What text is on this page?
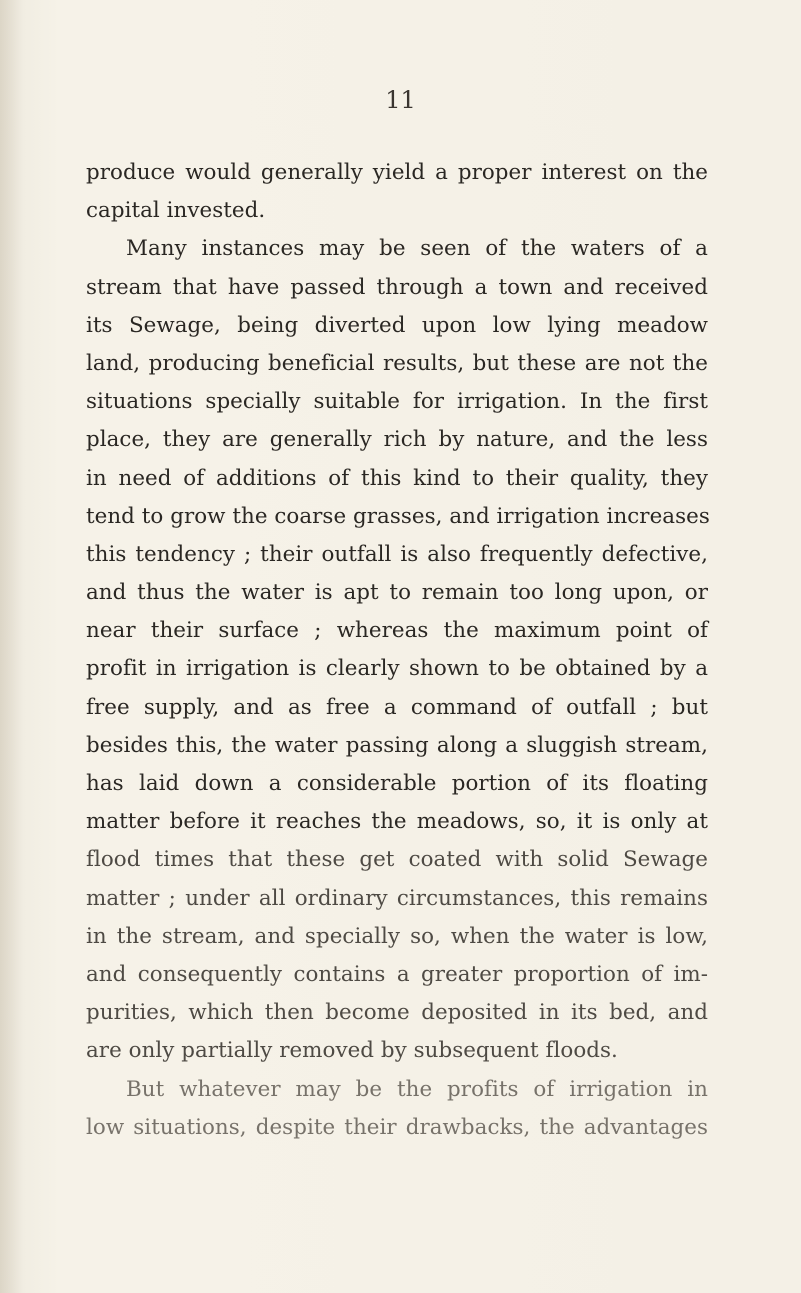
11
produce would generally yield a proper interest on the
capital invested.
Many instances may be seen of the waters of a
stream that have passed through a town and received
its Sewage, being diverted upon low lying meadow
land, producing beneficial results, but these are not the
situations specially suitable for irrigation. In the first
place, they are generally rich by nature, and the less
in need of additions of this kind to their quality, they
tend to grow the coarse grasses, and irrigation increases
this tendency ; their outfall is also frequently defective,
and thus the water is apt to remain too long upon, or
near their surface ; whereas the maximum point of
profit in irrigation is clearly shown to be obtained by a
free supply, and as free a command of outfall ; but
besides this, the water passing along a sluggish stream,
has laid down a considerable portion of its floating
matter before it reaches the meadows, so, it is only at
flood times that these get coated with solid Sewage
matter ; under all ordinary circumstances, this remains
in the stream, and specially so, when the water is low,
and consequently contains a greater proportion of im-
purities, which then become deposited in its bed, and
are only partially removed by subsequent floods.
But whatever may be the profits of irrigation in
low situations, despite their drawbacks, the advantages
